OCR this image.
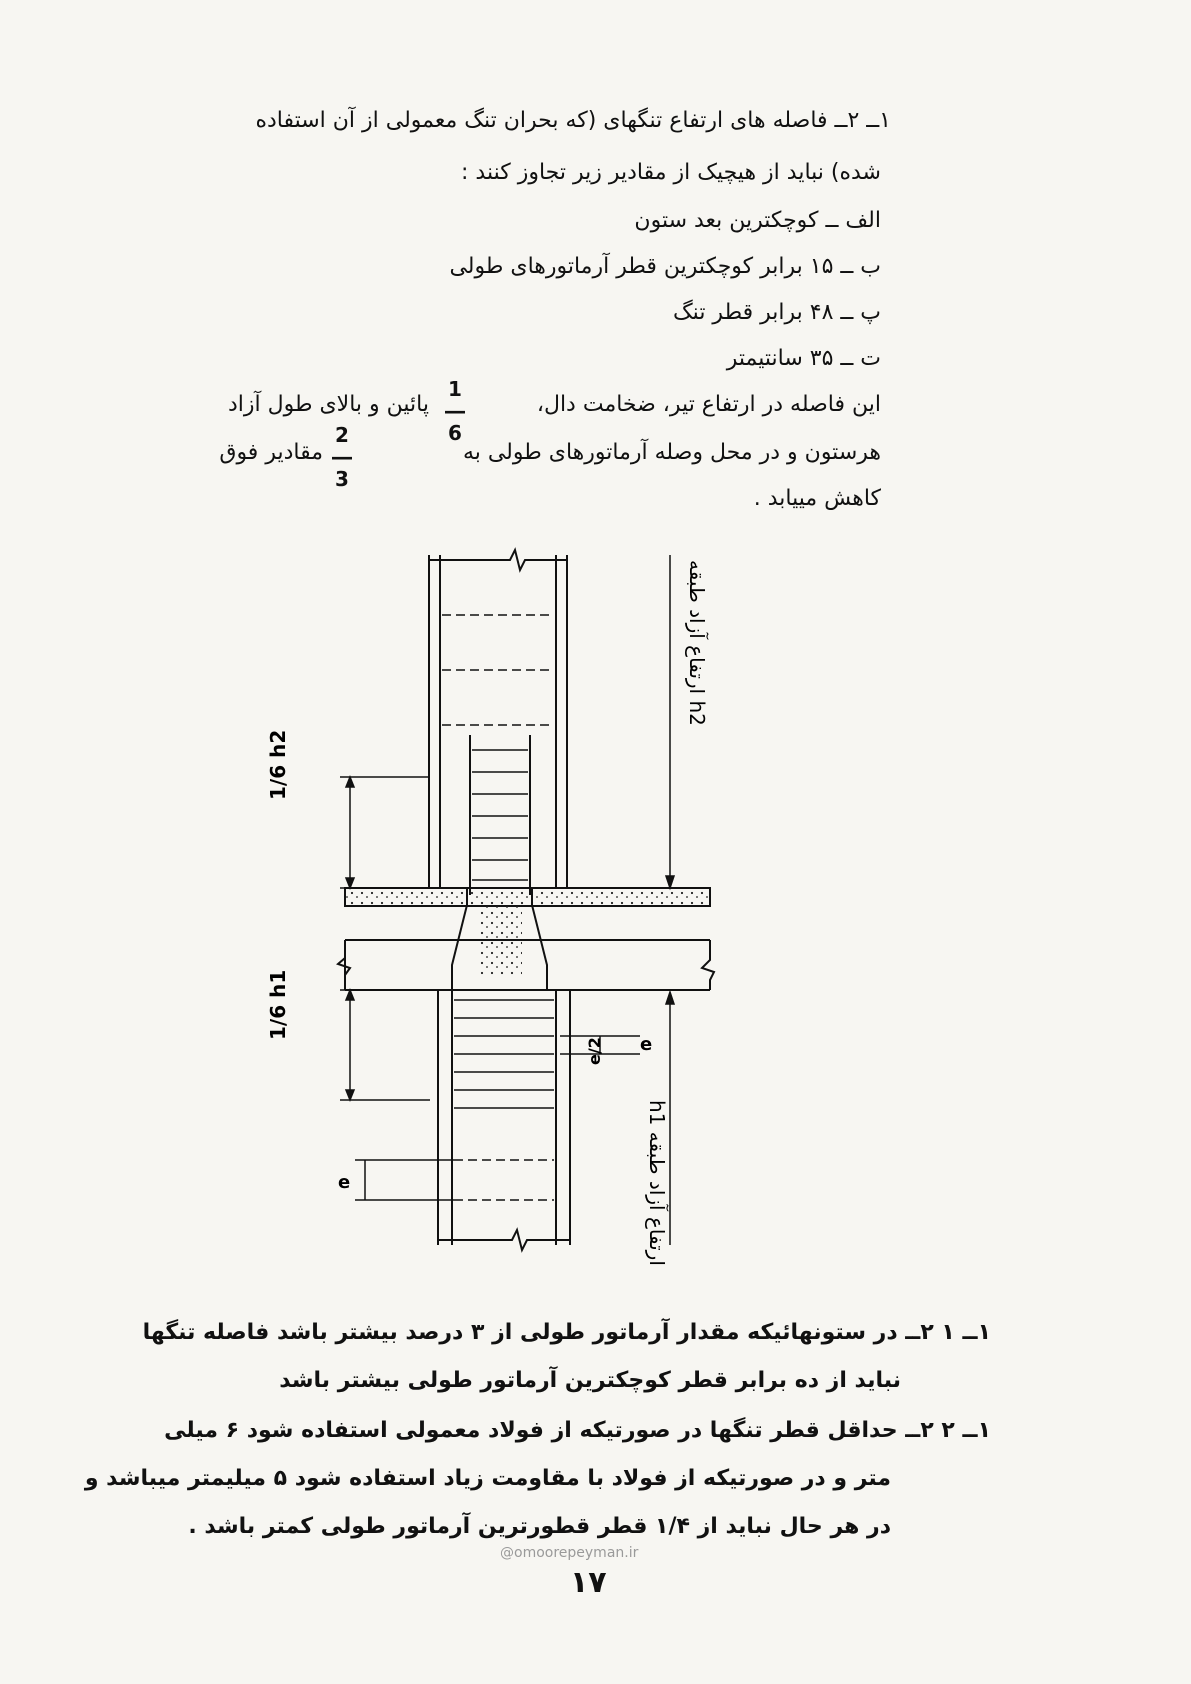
۱ــ ۲ــ فاصله های ارتفاع تنگهای (که بحران تنگ معمولی از آن استفاده
شده) نباید از هیچیک از مقادیر زیر تجاوز کنند :
الف ــ کوچکترین بعد ستون
ب ــ ۱۵ برابر کوچکترین قطر آرماتورهای طولی
پ ــ ۴۸ برابر قطر تنگ
ت ــ ۳۵ سانتیمتر
این فاصله در ارتفاع تیر، ضخامت دال،
1
―
6
پائین و بالای طول آزاد
هرستون و در محل وصله آرماتورهای طولی به
2
―
3
مقادیر فوق
کاهش مییابد .
ارتفاع آزاد طبقه h2
h1 ارتفاع آزاد طبقه
1/6 h2
1/6 h1
e
e/2
e
۱ــ ۱ ۲ــ در ستونهائیکه مقدار آرماتور طولی از ۳ درصد بیشتر باشد فاصله تنگها
نباید از ده برابر قطر کوچکترین آرماتور طولی بیشتر باشد
۱ــ ۲ ۲ــ حداقل قطر تنگها در صورتیکه از فولاد معمولی استفاده شود ۶ میلی
متر و در صورتیکه از فولاد با مقاومت زیاد استفاده شود ۵ میلیمتر میباشد و
در هر حال نباید از ۱/۴ قطر قطورترین آرماتور طولی کمتر باشد .
@omoorepeyman.ir
۱۷
